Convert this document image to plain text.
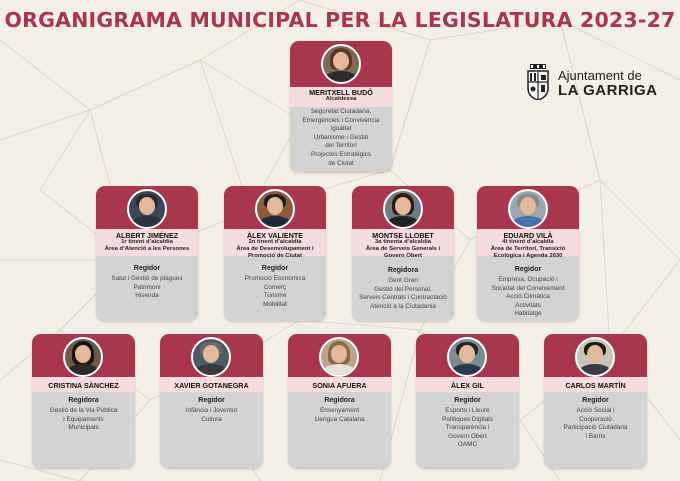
ORGANIGRAMA MUNICIPAL PER LA LEGISLATURA 2023-27
Ajuntament de
LA GARRIGA
MERITXELL BUDÓ
Alcaldessa
Seguretat Ciutadana,
Emergències i Convivència
Igualtat
Urbanisme i Gestió
del Territori
Projectes Estratègics
de Ciutat
ALBERT JIMÉNEZ
1r tinent d’alcaldia
Àrea d’Atenció a les Persones
Regidor
Salut i Gestió de plagues
Patrimoni
Hisenda
ÀLEX VALIENTE
2n tinent d’alcaldia
Àrea de Desenvolupament i
Promoció de Ciutat
Regidor
Promoció Econòmica
Comerç
Turisme
Mobilitat
MONTSE LLOBET
3a tinenta d’alcaldia
Àrea de Serveis Generals i
Govern Obert
Regidora
Gent Gran
Gestió del Personal,
Serveis Centrals i Contractació
Atenció a la Ciutadania
EDUARD VILÀ
4t tinent d’alcaldia
Àrea de Territori, Transició
Ecològica i Agenda 2030
Regidor
Empresa, Ocupació i
Societat del Coneixement
Acció Climàtica
Activitats
Habitatge
CRISTINA SÀNCHEZ
Regidora
Gestió de la Via Pública
i Equipaments
Municipals
XAVIER GOTANEGRA
Regidor
Infància i Joventut
Cultura
SONIA AFUERA
Regidora
Ensenyament
Llengua Catalana
ÀLEX GIL
Regidor
Esports i Lleure
Polítiques Digitals
Transparència i
Govern Obert
OAMC
CARLOS MARTÍN
Regidor
Acció Social i
Cooperació
Participació Ciutadana
i Barris
